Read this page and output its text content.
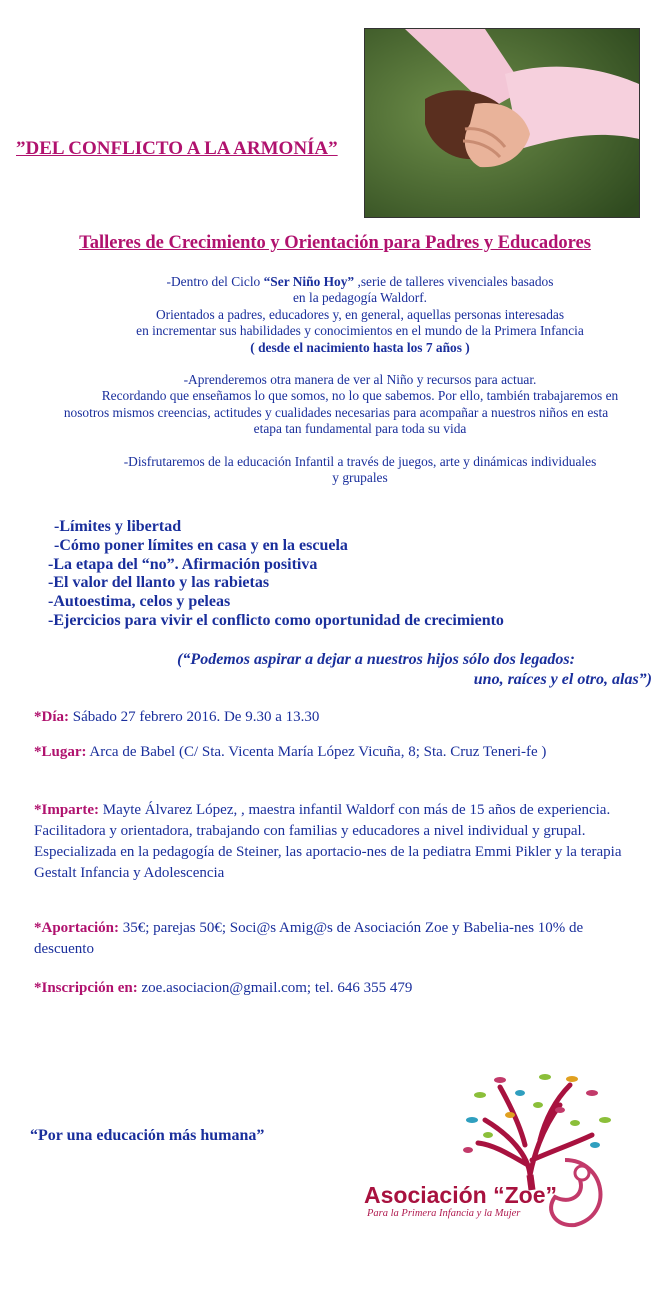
”DEL CONFLICTO A LA ARMONÍA”
Talleres de Crecimiento y Orientación para Padres y Educadores

-Dentro del Ciclo “Ser Niño Hoy” ,serie de talleres vivenciales basados

en la pedagogía Waldorf.

Orientados a padres, educadores y, en general, aquellas personas interesadas

en incrementar sus habilidades y conocimientos en el mundo de la Primera Infancia

( desde el nacimiento hasta los 7 años )

-Aprenderemos otra manera de ver al Niño y recursos para actuar.

Recordando que enseñamos lo que somos, no lo que sabemos. Por ello, también trabajaremos en

nosotros mismos creencias, actitudes y cualidades necesarias para acompañar a nuestros niños en esta

etapa tan fundamental para toda su vida

-Disfrutaremos de la educación Infantil a través de juegos, arte y dinámicas individuales

y grupales

-Límites y libertad
-Cómo poner límites en casa y en la escuela
-La etapa del “no”. Afirmación positiva
-El valor del llanto y las rabietas
-Autoestima, celos y peleas
-Ejercicios para vivir el conflicto como oportunidad de crecimiento
(“Podemos aspirar a dejar a nuestros hijos sólo dos legados:
uno, raíces y el otro, alas”)
*Día: Sábado 27 febrero 2016. De 9.30 a 13.30
*Lugar: Arca de Babel (C/ Sta. Vicenta María López Vicuña, 8; Sta. Cruz Teneri-fe )
*Imparte: Mayte Álvarez López, , maestra infantil Waldorf con más de 15 años de experiencia. Facilitadora y orientadora, trabajando con familias y educadores a nivel individual y grupal. Especializada en la pedagogía de Steiner, las aportacio-nes de la pediatra Emmi Pikler y la terapia Gestalt Infancia y Adolescencia
*Aportación: 35€; parejas 50€; Soci@s Amig@s de Asociación Zoe y Babelia-nes 10% de descuento
*Inscripción en: zoe.asociacion@gmail.com; tel. 646 355 479
“Por una educación más humana”
Asociación “Zoe”
Para la Primera Infancia y la Mujer
